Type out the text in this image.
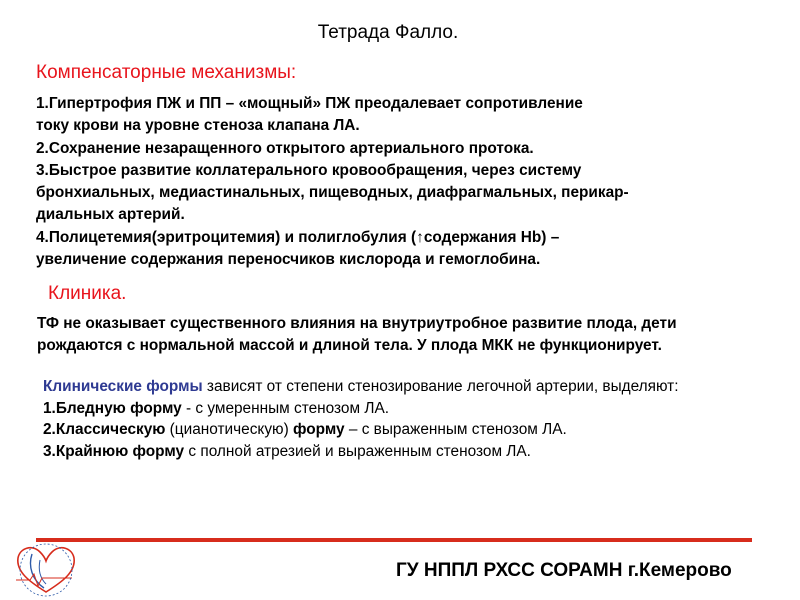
Тетрада Фалло.
Компенсаторные механизмы:
1.Гипертрофия ПЖ и ПП – «мощный» ПЖ преодалевает сопротивление
току крови на уровне стеноза клапана ЛА.
2.Сохранение незаращенного открытого артериального протока.
3.Быстрое развитие коллатерального кровообращения, через систему
бронхиальных, медиастинальных, пищеводных, диафрагмальных, перикар-
диальных артерий.
4.Полицетемия(эритроцитемия) и полиглобулия (↑содержания Hb) –
увеличение содержания переносчиков кислорода и гемоглобина.
Клиника.
ТФ не оказывает существенного влияния на внутриутробное развитие плода, дети
рождаются с нормальной массой и длиной тела. У плода МКК не функционирует.
Клинические формы зависят от степени стенозирование легочной артерии, выделяют:
1.Бледную форму - с умеренным стенозом ЛА.
2.Классическую (цианотическую) форму – с выраженным стенозом ЛА.
3.Крайнюю форму с полной атрезией и выраженным стенозом ЛА.
ГУ НППЛ РХСС СОРАМН г.Кемерово
